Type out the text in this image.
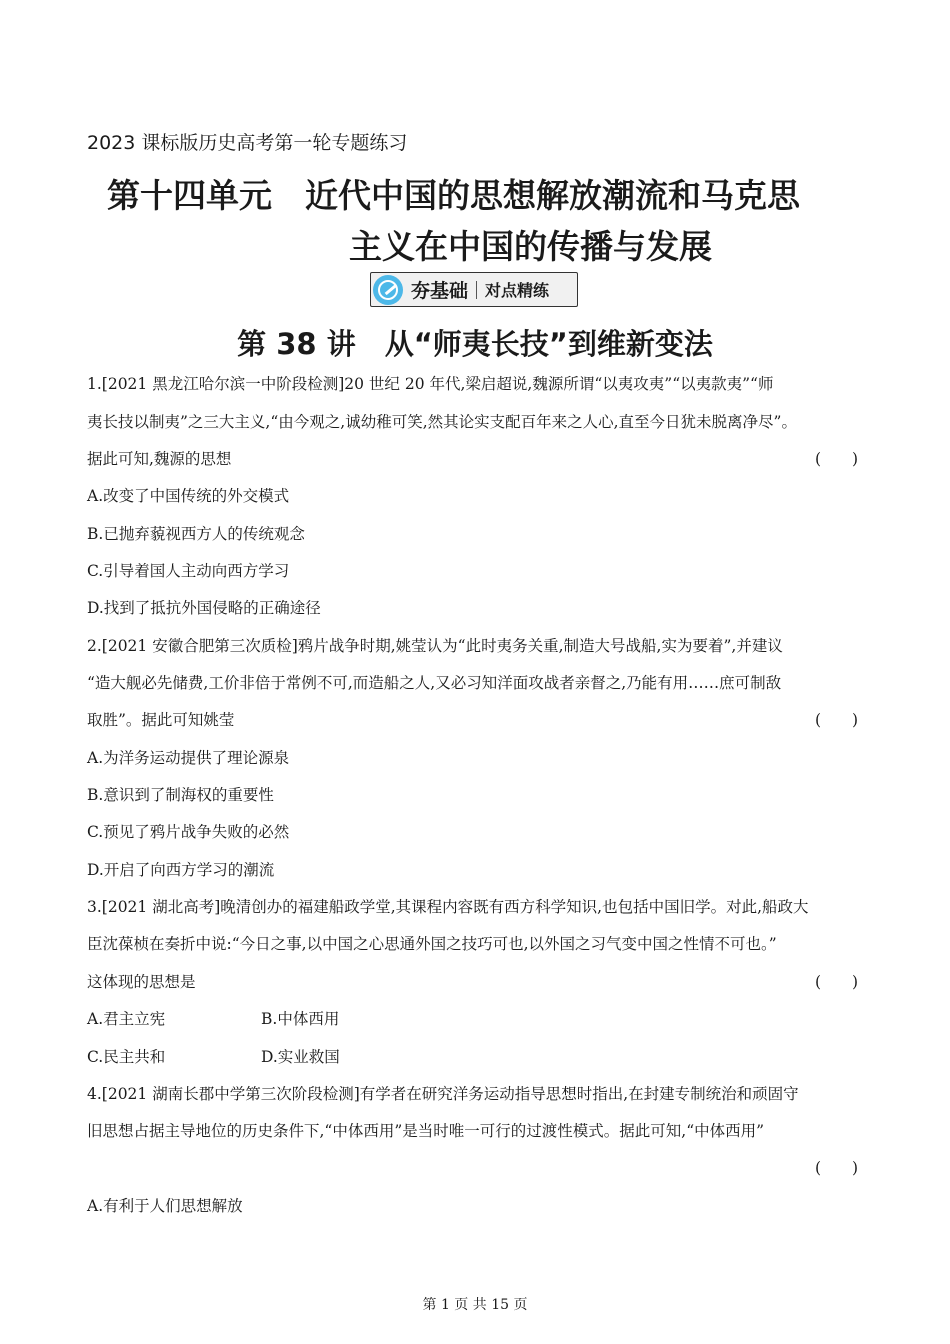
2023 课标版历史高考第一轮专题练习
第十四单元　近代中国的思想解放潮流和马克思
主义在中国的传播与发展
夯基础 对点精练
第 38 讲　从“师夷长技”到维新变法
1.[2021 黑龙江哈尔滨一中阶段检测]20 世纪 20 年代,梁启超说,魏源所谓“以夷攻夷”“以夷款夷”“师
夷长技以制夷”之三大主义,“由今观之,诚幼稚可笑,然其论实支配百年来之人心,直至今日犹未脱离净尽”。
据此可知,魏源的思想	(　　)
A.改变了中国传统的外交模式
B.已抛弃藐视西方人的传统观念
C.引导着国人主动向西方学习
D.找到了抵抗外国侵略的正确途径
2.[2021 安徽合肥第三次质检]鸦片战争时期,姚莹认为“此时夷务关重,制造大号战船,实为要着”,并建议
“造大舰必先储费,工价非倍于常例不可,而造船之人,又必习知洋面攻战者亲督之,乃能有用……庶可制敌
取胜”。据此可知姚莹	(　　)
A.为洋务运动提供了理论源泉
B.意识到了制海权的重要性
C.预见了鸦片战争失败的必然
D.开启了向西方学习的潮流
3.[2021 湖北高考]晚清创办的福建船政学堂,其课程内容既有西方科学知识,也包括中国旧学。对此,船政大
臣沈葆桢在奏折中说:“今日之事,以中国之心思通外国之技巧可也,以外国之习气变中国之性情不可也。”
这体现的思想是	(　　)
A.君主立宪	B.中体西用
C.民主共和	D.实业救国
4.[2021 湖南长郡中学第三次阶段检测]有学者在研究洋务运动指导思想时指出,在封建专制统治和顽固守
旧思想占据主导地位的历史条件下,“中体西用”是当时唯一可行的过渡性模式。据此可知,“中体西用”
(　　)
A.有利于人们思想解放
第 1 页 共 15 页
